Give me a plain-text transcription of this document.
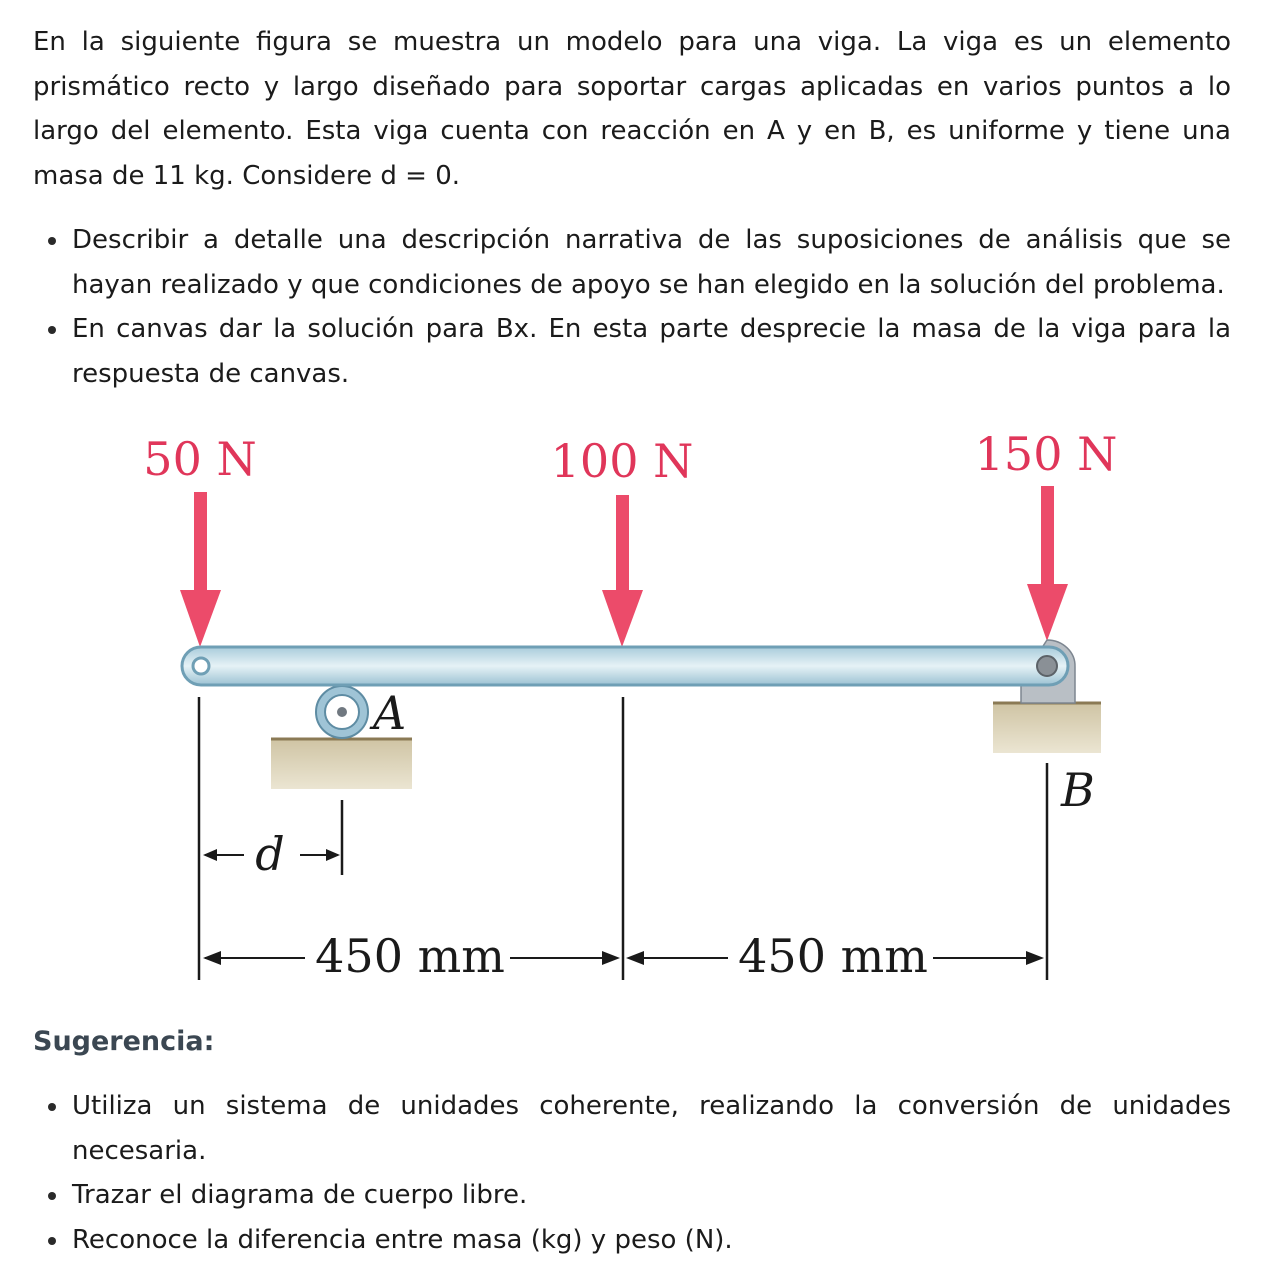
En la siguiente figura se muestra un modelo para una viga. La viga es un elemento prismático recto y largo diseñado para soportar cargas aplicadas en varios puntos a lo largo del elemento. Esta viga cuenta con reacción en A y en B, es uniforme y tiene una masa de 11 kg. Considere d = 0.

Describir a detalle una descripción narrativa de las suposiciones de análisis que se hayan realizado y que condiciones de apoyo se han elegido en la solución del problema.
En canvas dar la solución para Bx. En esta parte desprecie la masa de la viga para la respuesta de canvas.
50 N	100 N	150 N
A
B
d
450 mm	450 mm

Sugerencia:

Utiliza un sistema de unidades coherente, realizando la conversión de unidades necesaria.
Trazar el diagrama de cuerpo libre.
Reconoce la diferencia entre masa (kg) y peso (N).
